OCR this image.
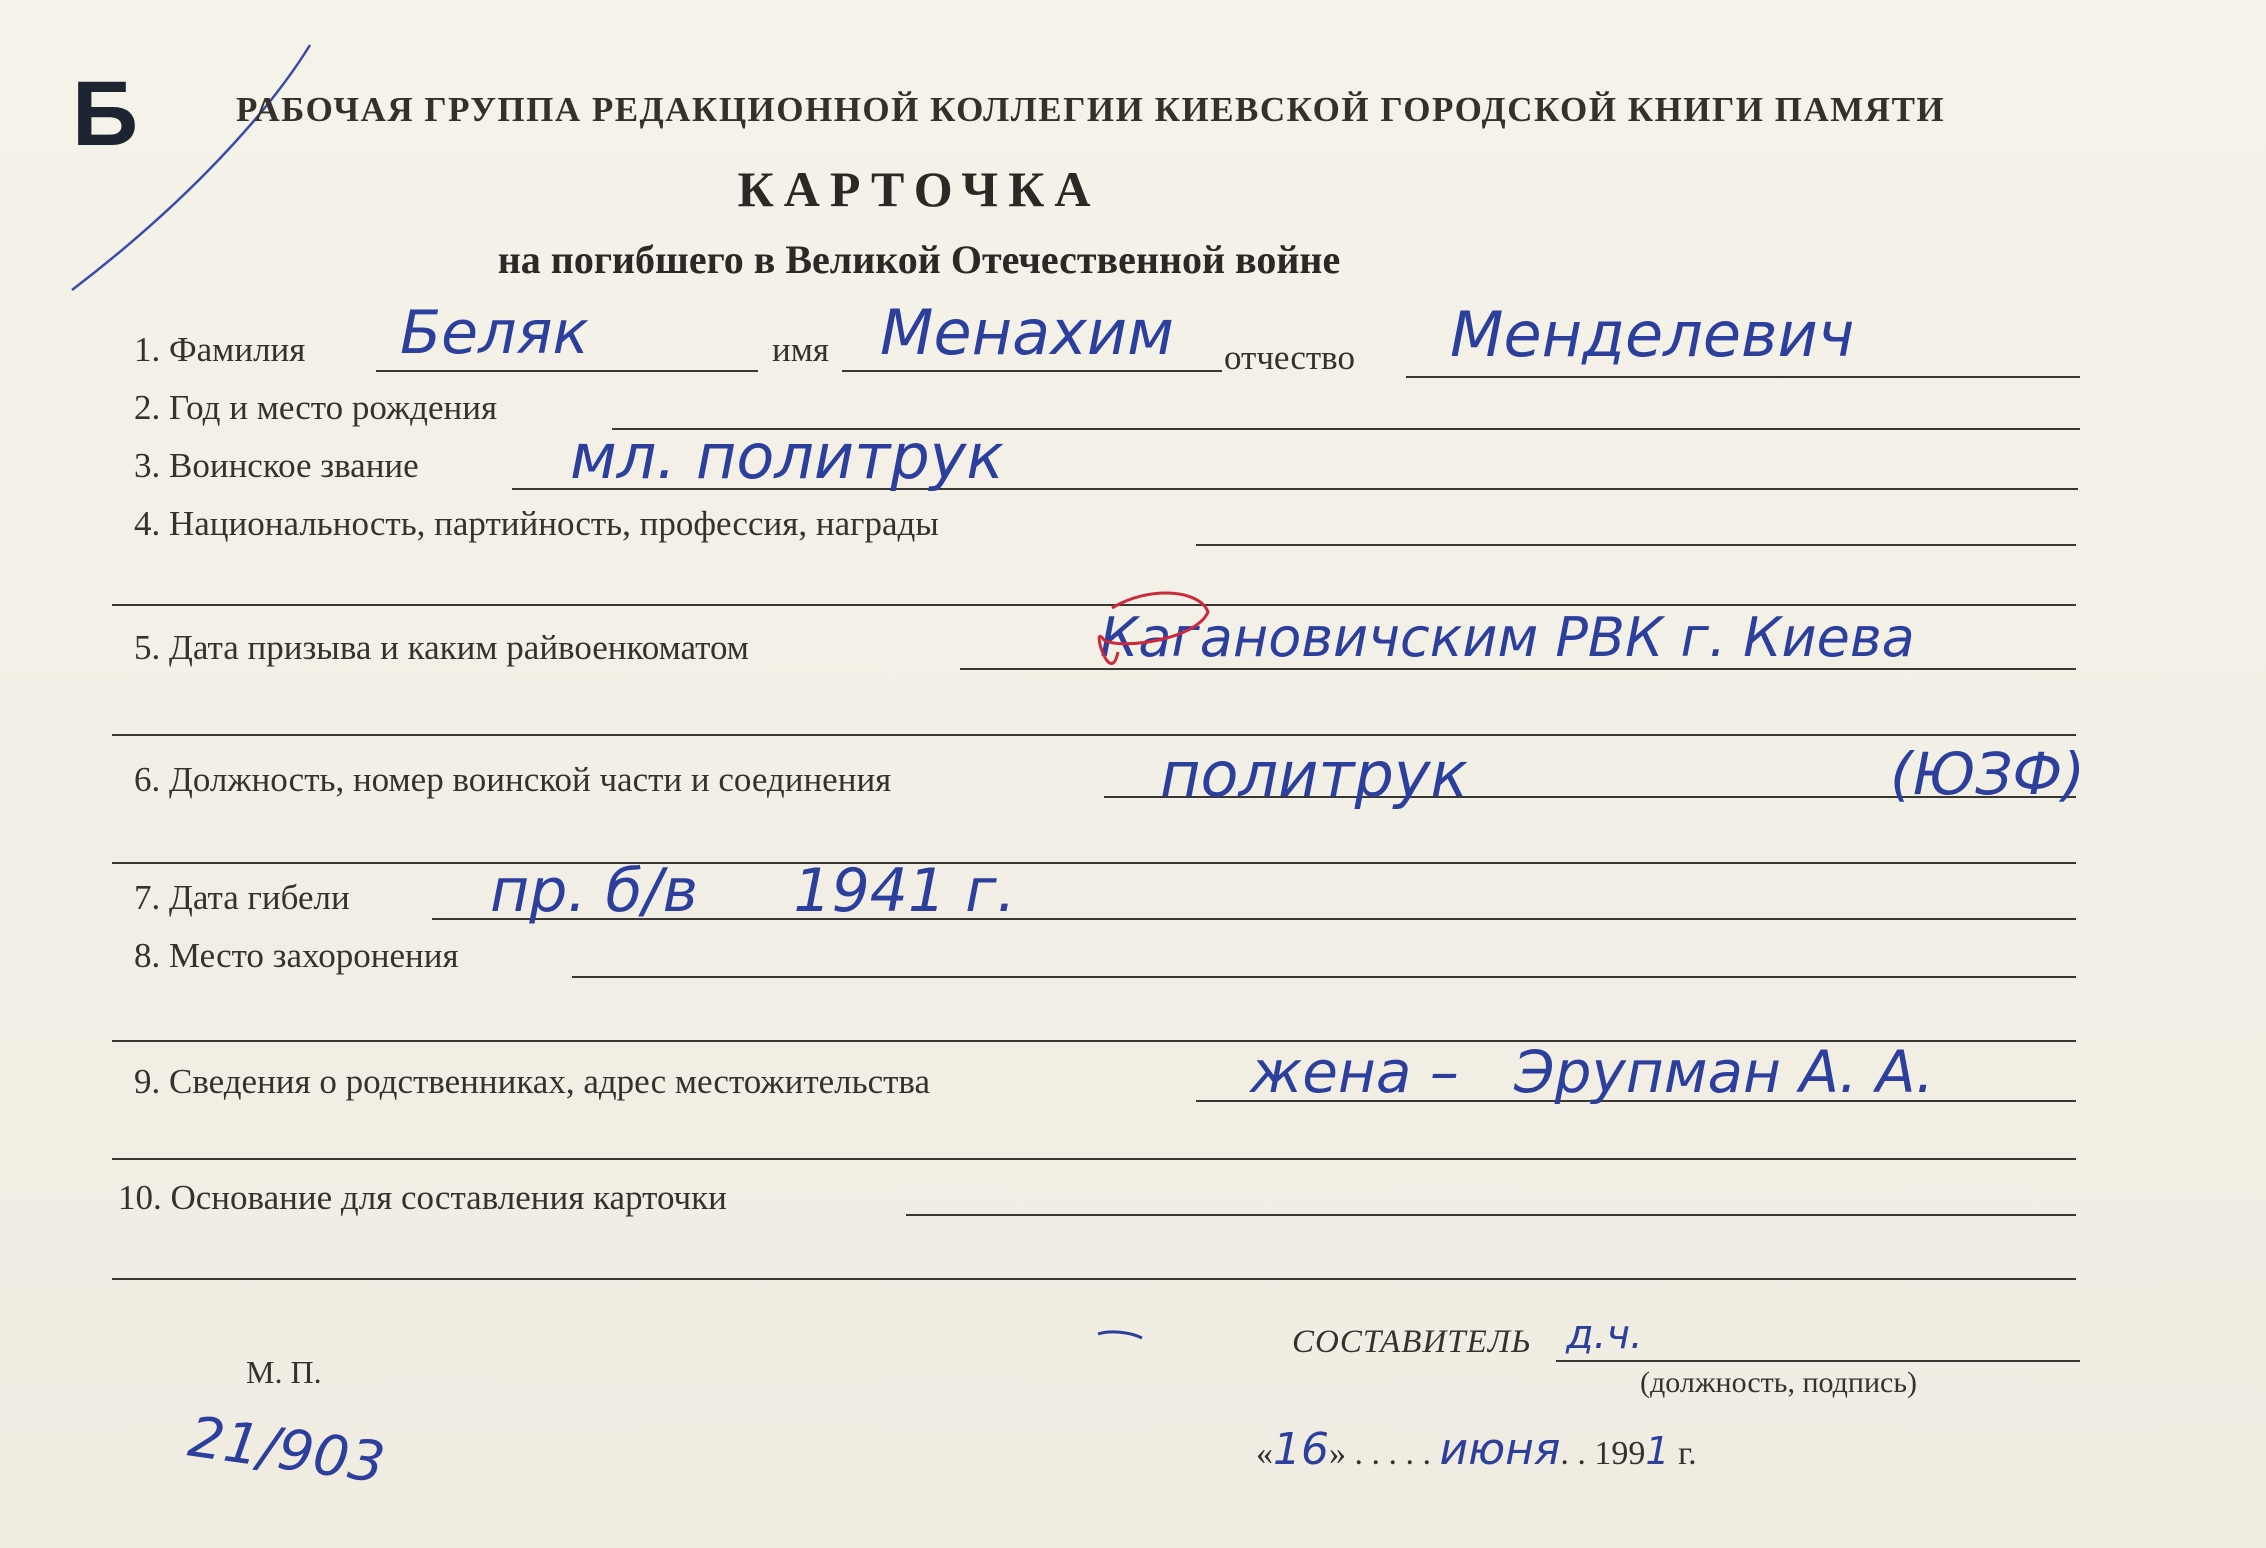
Б	РАБОЧАЯ ГРУППА РЕДАКЦИОННОЙ КОЛЛЕГИИ КИЕВСКОЙ ГОРОДСКОЙ КНИГИ ПАМЯТИ
КАРТОЧКА
на погибшего в Великой Отечественной войне
1. Фамилия Беляк	имя Менахим отчество Менделевич
2. Год и место рождения
3. Воинское звание мл. политрук
4. Национальность, партийность, профессия, награды
5. Дата призыва и каким райвоенкоматом	Кагановичским РВК г. Киева
6. Должность, номер воинской части и соединения	политрук	(ЮЗФ)
7. Дата гибели пр. б/в     1941 г.
8. Место захоронения
9. Сведения о родственниках, адрес местожительства	жена –   Эрупман А. А.
10. Основание для составления карточки
М. П.
СОСТАВИТЕЛЬ д.ч.
(должность, подпись)
«16» . . . . . июня. . 1991 г.
21/903
